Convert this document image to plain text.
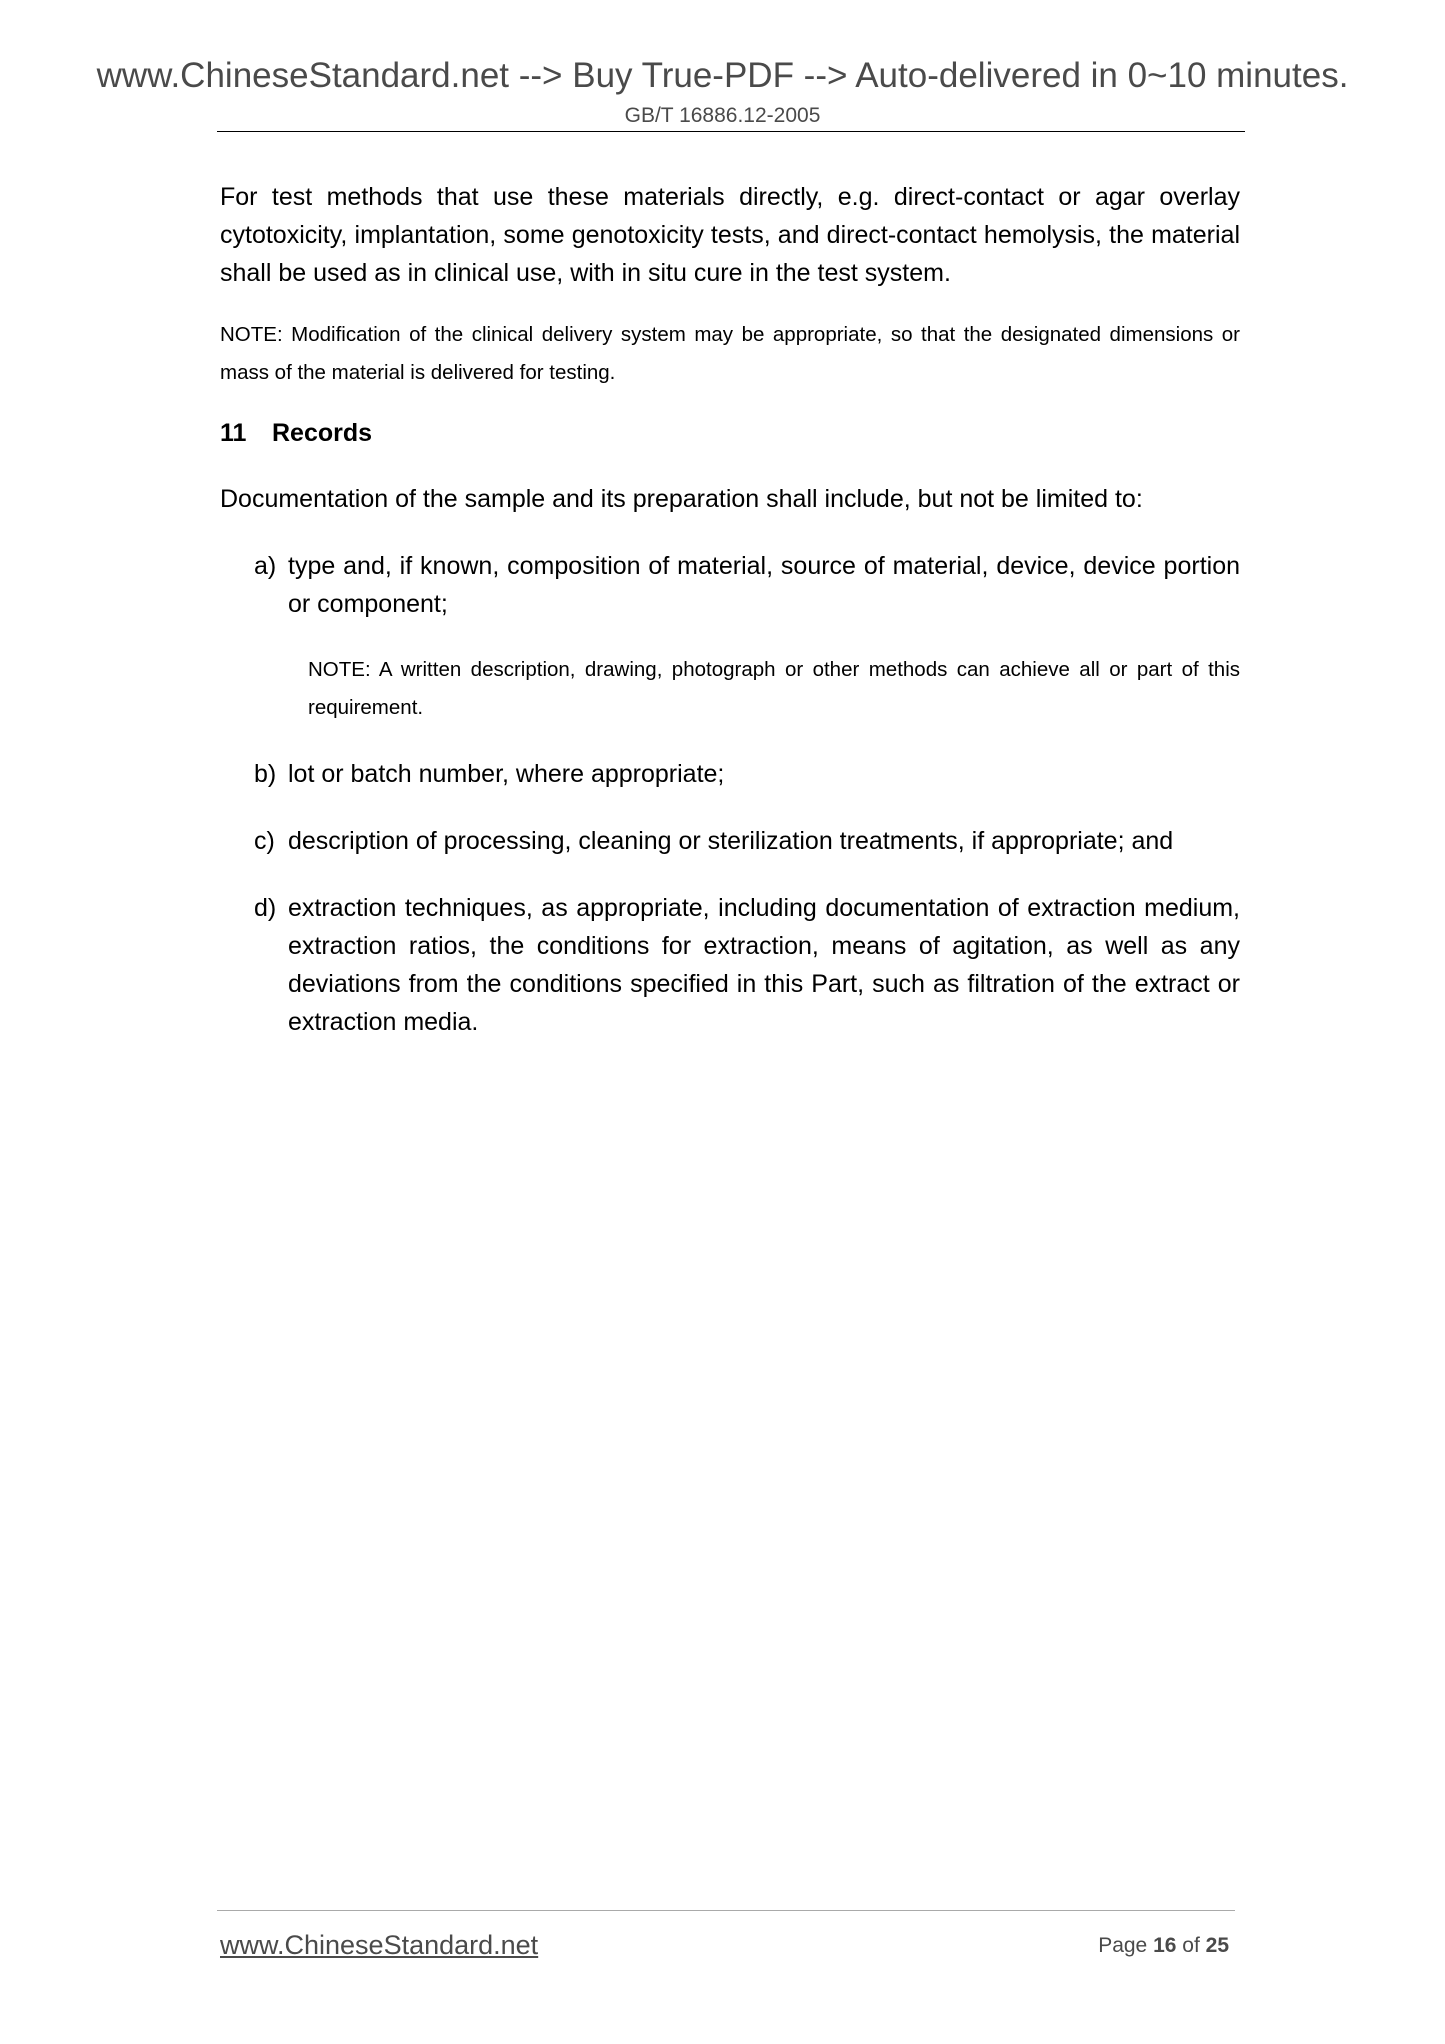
www.ChineseStandard.net --> Buy True-PDF --> Auto-delivered in 0~10 minutes.
GB/T 16886.12-2005

For test methods that use these materials directly, e.g. direct-contact or agar overlay cytotoxicity, implantation, some genotoxicity tests, and direct-contact hemolysis, the material shall be used as in clinical use, with in situ cure in the test system.

NOTE: Modification of the clinical delivery system may be appropriate, so that the designated dimensions or mass of the material is delivered for testing.

11 Records

Documentation of the sample and its preparation shall include, but not be limited to:

a) type and, if known, composition of material, source of material, device, device portion or component;

NOTE: A written description, drawing, photograph or other methods can achieve all or part of this requirement.

b) lot or batch number, where appropriate;
c) description of processing, cleaning or sterilization treatments, if appropriate; and
d) extraction techniques, as appropriate, including documentation of extraction medium, extraction ratios, the conditions for extraction, means of agitation, as well as any deviations from the conditions specified in this Part, such as filtration of the extract or extraction media.
www.ChineseStandard.net	Page 16 of 25
